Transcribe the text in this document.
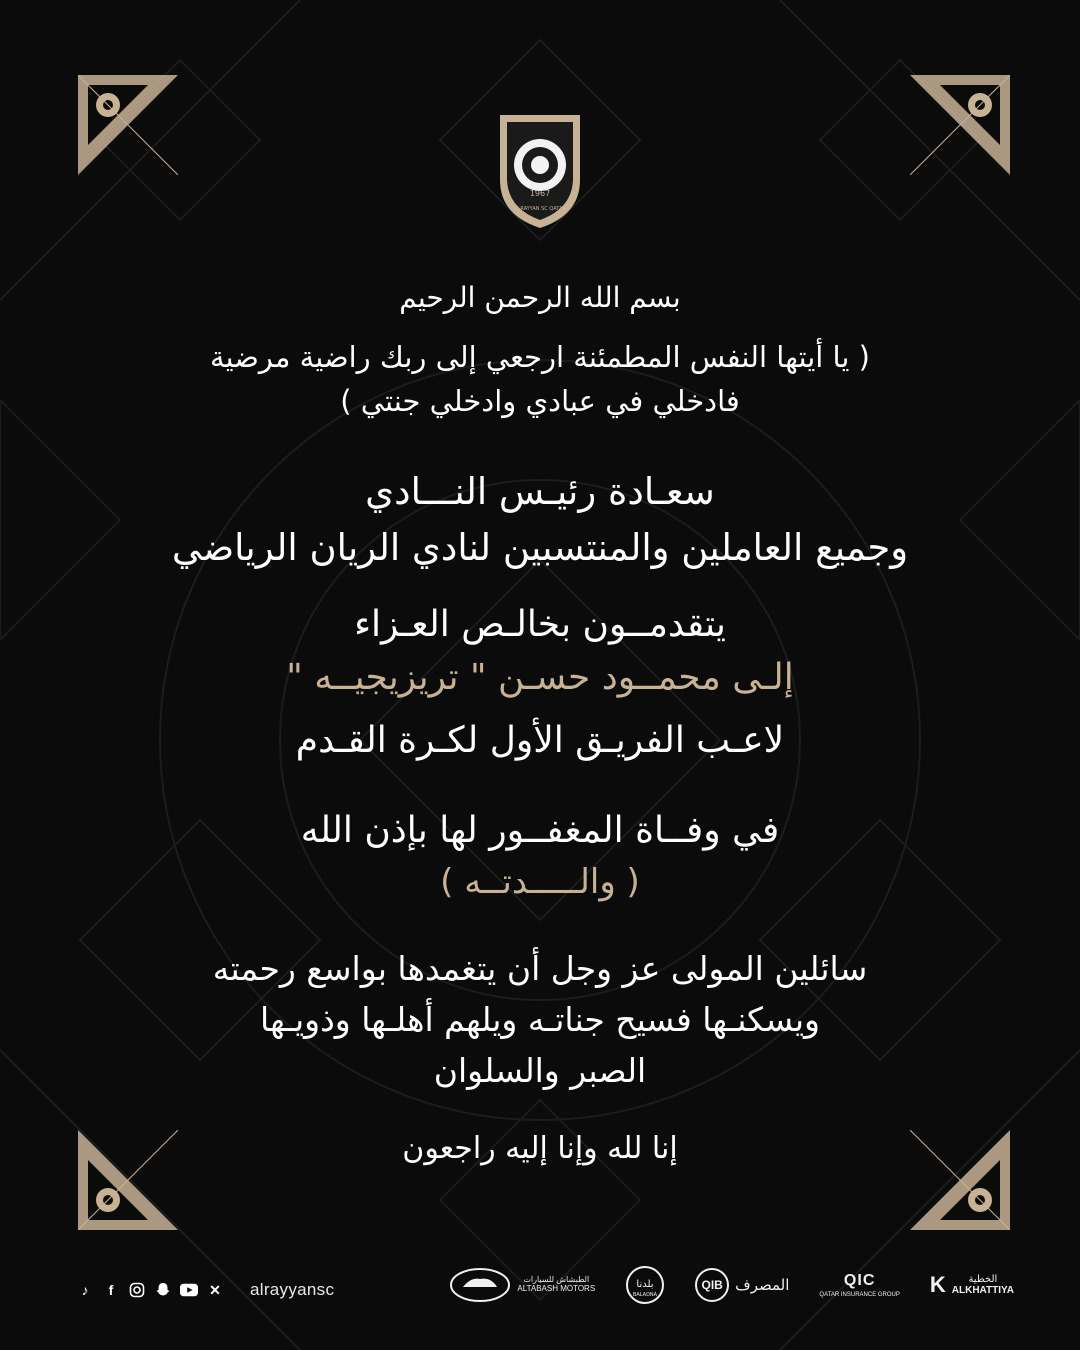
1967
ALRAYYAN SC QATAR
بسم الله الرحمن الرحيم
( يا أيتها النفس المطمئنة ارجعي إلى ربك راضية مرضية
فادخلي في عبادي وادخلي جنتي )
سعـادة رئيـس النـــادي
وجميع العاملين والمنتسبين لنادي الريان الرياضي
يتقدمــون بخالـص العـزاء
إلـى محمــود حسـن " تريزيجيــه "
لاعـب الفريـق الأول لكـرة القـدم
في وفــاة المغفــور لها بإذن الله
( والـــــدتــه )
سائلين المولى عز وجل أن يتغمدها بواسع رحمته
ويسكنـها فسيح جناتـه ويلهم أهلـها وذويـها
الصبر والسلوان
إنا لله وإنا إليه راجعون
♪	f	✕ alrayyansc
الطبشاش للسيارات
ALTABASH MOTORS	بلدنا
BALADNA
QIB المصرف	QIC
QATAR INSURANCE GROUP K	الخطية
ALKHATTIYA
